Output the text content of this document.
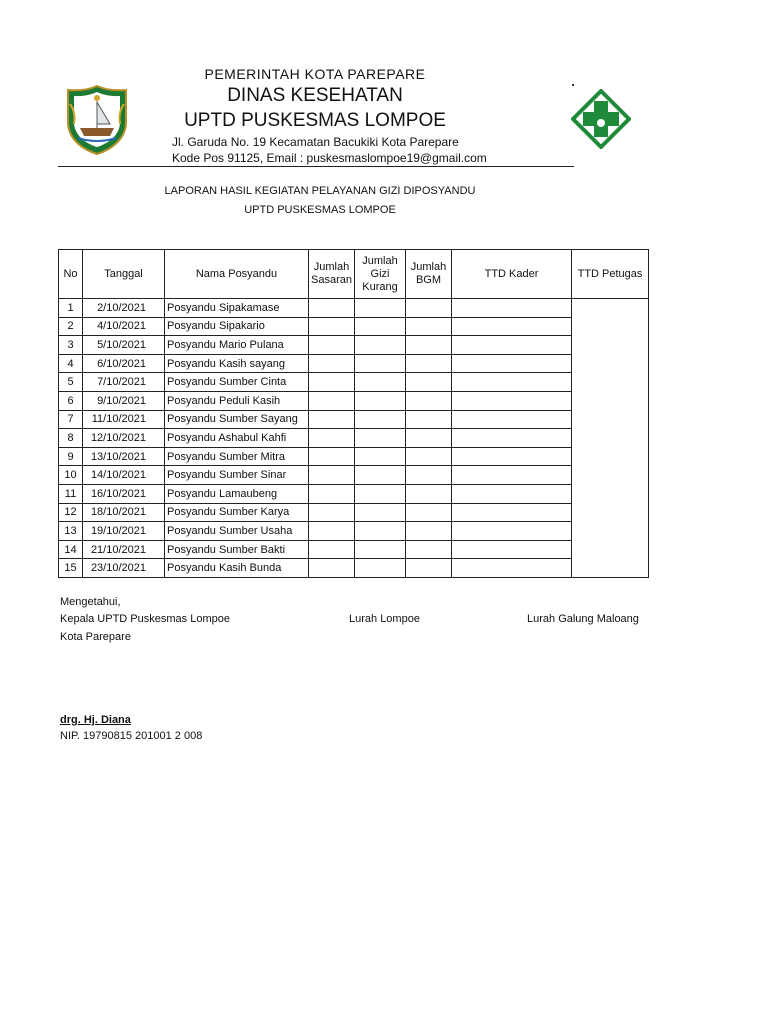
PEMERINTAH KOTA PAREPARE
DINAS KESEHATAN
UPTD PUSKESMAS LOMPOE
Jl. Garuda No. 19 Kecamatan Bacukiki Kota Parepare
Kode Pos 91125, Email : puskesmaslompoe19@gmail.com
LAPORAN HASIL KEGIATAN PELAYANAN GIZI DIPOSYANDU
UPTD PUSKESMAS LOMPOE
No	Tanggal	Nama Posyandu	Jumlah Sasaran	Jumlah Gizi Kurang	Jumlah BGM	TTD Kader	TTD Petugas
1	2/10/2021	Posyandu Sipakamase					
2	4/10/2021	Posyandu Sipakario					
3	5/10/2021	Posyandu Mario Pulana					
4	6/10/2021	Posyandu Kasih sayang					
5	7/10/2021	Posyandu Sumber Cinta					
6	9/10/2021	Posyandu Peduli Kasih					
7	11/10/2021	Posyandu Sumber Sayang					
8	12/10/2021	Posyandu Ashabul Kahfi					
9	13/10/2021	Posyandu Sumber Mitra					
10	14/10/2021	Posyandu Sumber Sinar					
11	16/10/2021	Posyandu Lamaubeng					
12	18/10/2021	Posyandu Sumber Karya					
13	19/10/2021	Posyandu Sumber Usaha					
14	21/10/2021	Posyandu Sumber Bakti					
15	23/10/2021	Posyandu Kasih Bunda					
Mengetahui,
Kepala UPTD Puskesmas Lompoe
Kota Parepare
Lurah Lompoe	Lurah Galung Maloang
drg. Hj. Diana
NIP. 19790815 201001 2 008
